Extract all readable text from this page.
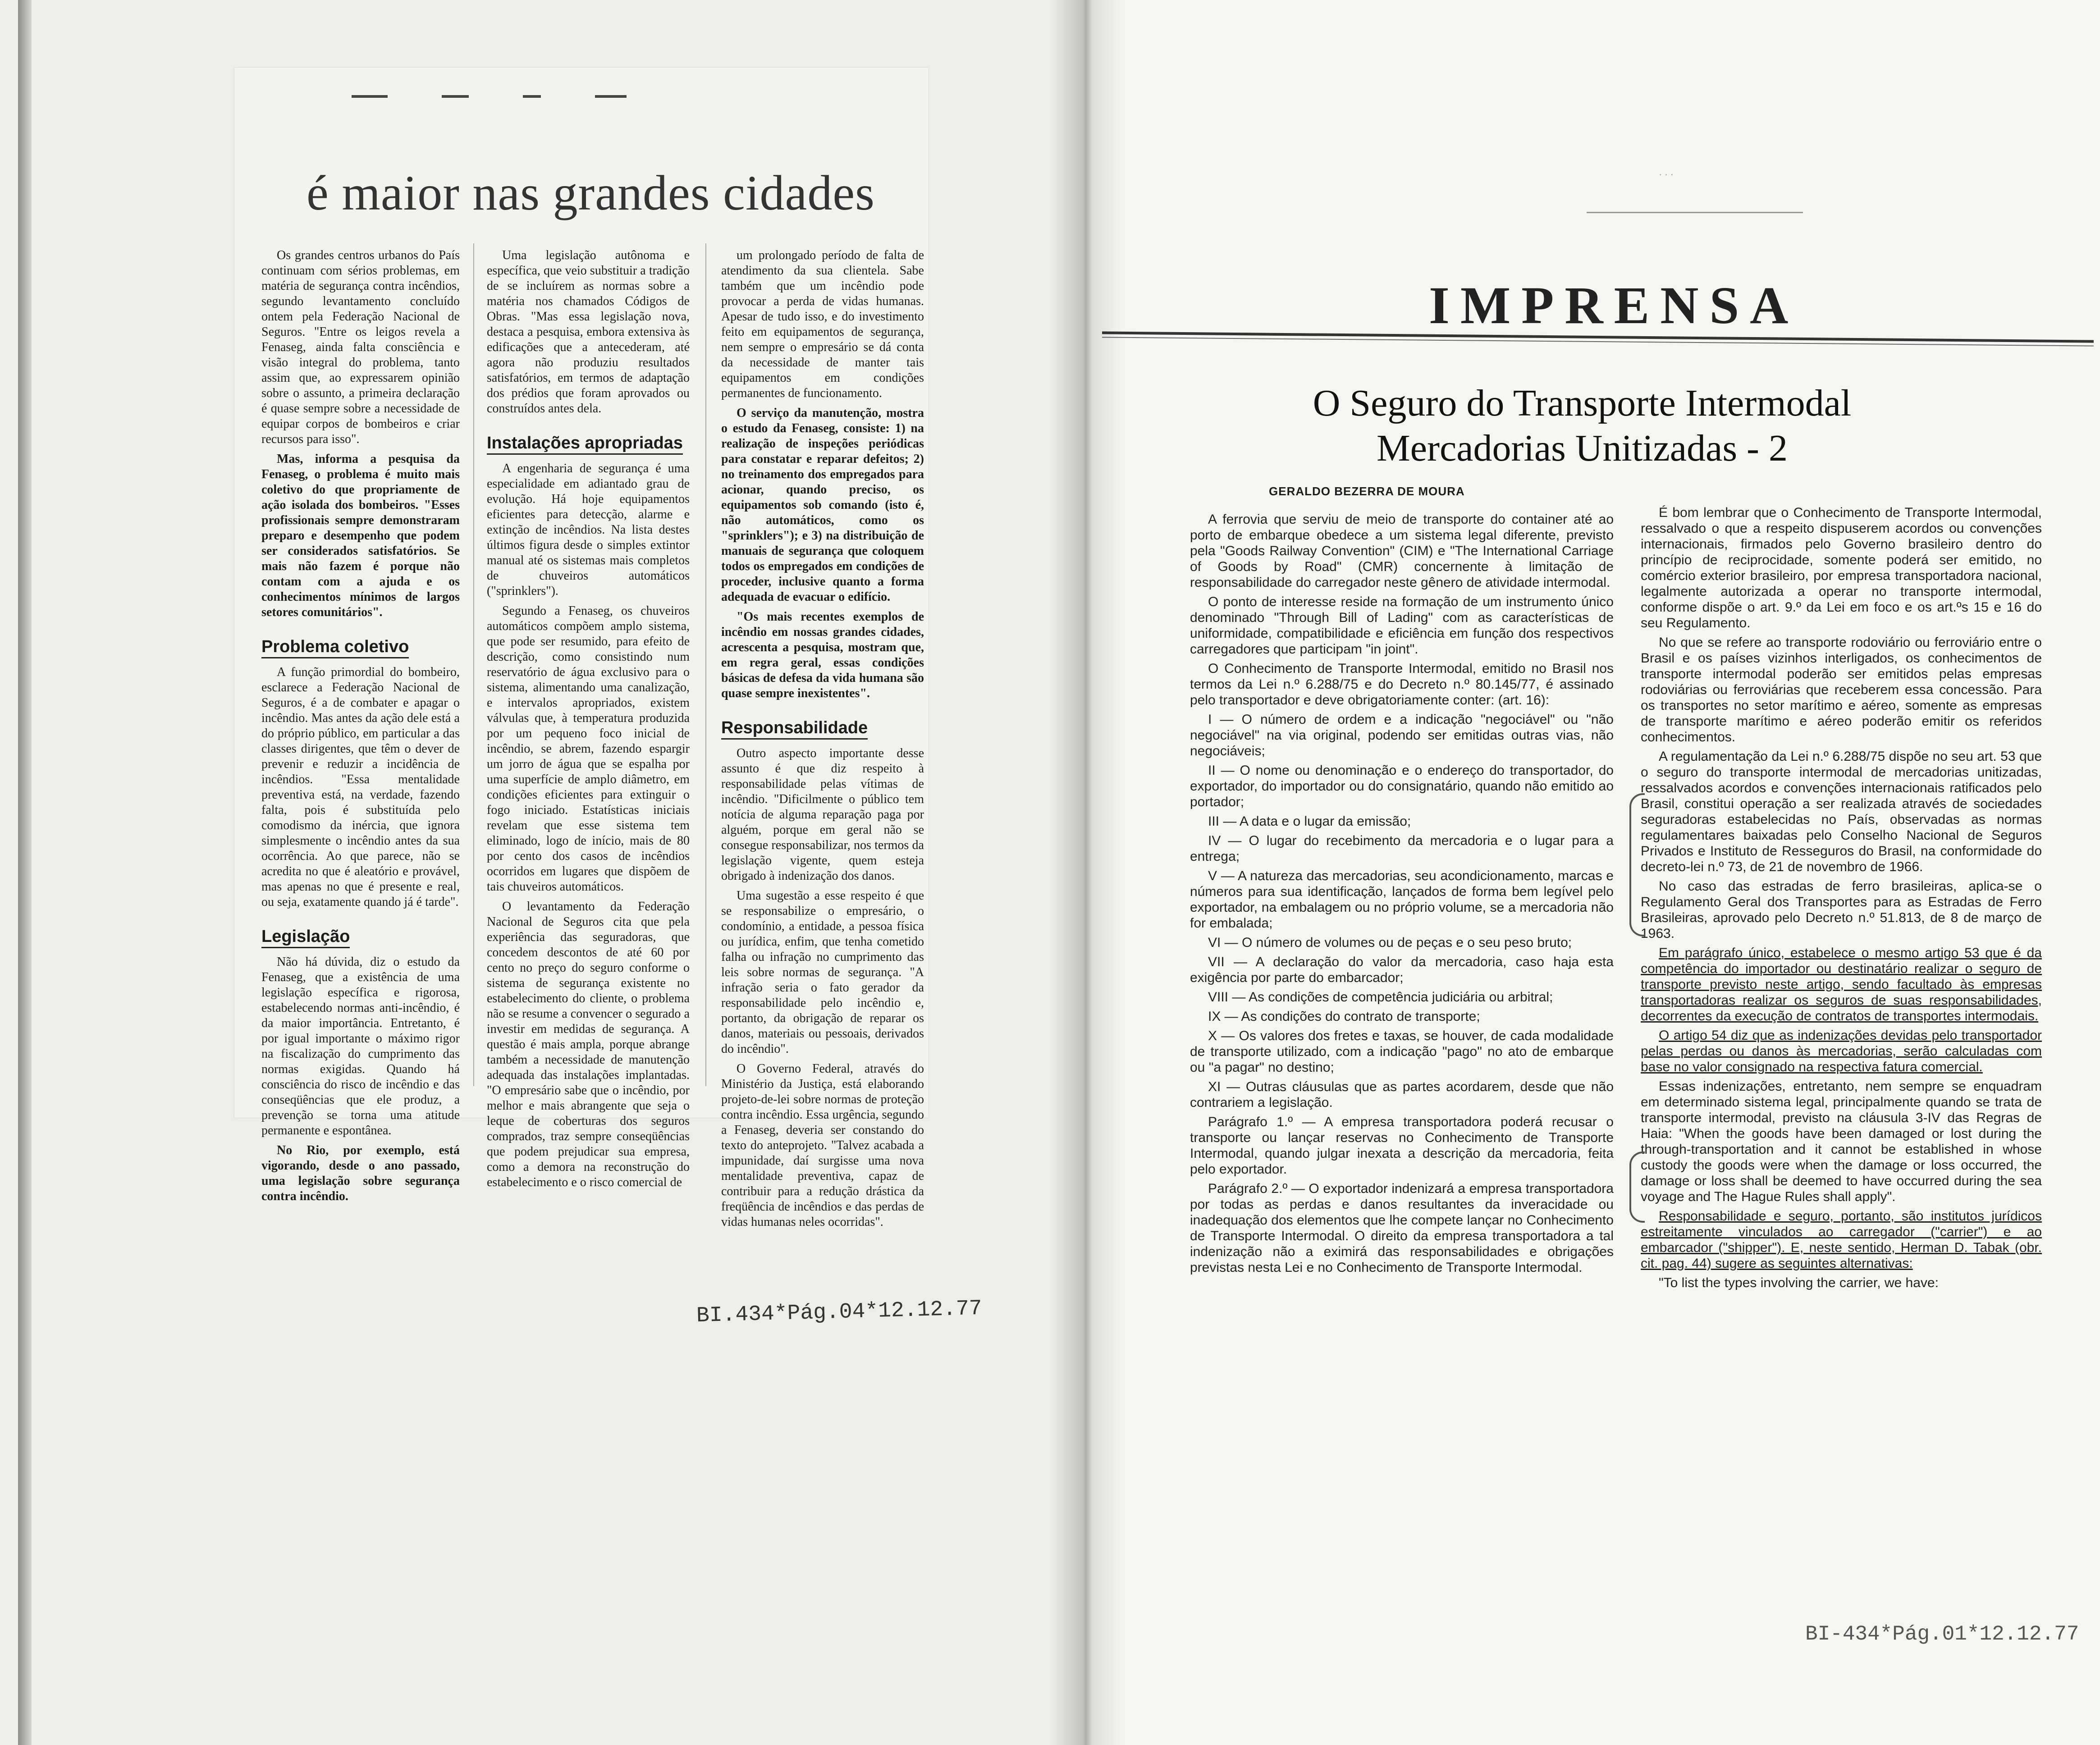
é maior nas grandes cidades

Os grandes centros urbanos do País continuam com sérios problemas, em matéria de segurança contra incêndios, segundo levantamento concluído ontem pela Federação Nacional de Seguros. "Entre os leigos revela a Fenaseg, ainda falta consciência e visão integral do problema, tanto assim que, ao expressarem opinião sobre o assunto, a primeira declaração é quase sempre sobre a necessidade de equipar corpos de bombeiros e criar recursos para isso".

Mas, informa a pesquisa da Fenaseg, o problema é muito mais coletivo do que propriamente de ação isolada dos bombeiros. "Esses profissionais sempre demonstraram preparo e desempenho que podem ser considerados satisfatórios. Se mais não fazem é porque não contam com a ajuda e os conhecimentos mínimos de largos setores comunitários".

Problema coletivo

A função primordial do bombeiro, esclarece a Federação Nacional de Seguros, é a de combater e apagar o incêndio. Mas antes da ação dele está a do próprio público, em particular a das classes dirigentes, que têm o dever de prevenir e reduzir a incidência de incêndios. "Essa mentalidade preventiva está, na verdade, fazendo falta, pois é substituída pelo comodismo da inércia, que ignora simplesmente o incêndio antes da sua ocorrência. Ao que parece, não se acredita no que é aleatório e provável, mas apenas no que é presente e real, ou seja, exatamente quando já é tarde".

Legislação

Não há dúvida, diz o estudo da Fenaseg, que a existência de uma legislação específica e rigorosa, estabelecendo normas anti-incêndio, é da maior importância. Entretanto, é por igual importante o máximo rigor na fiscalização do cumprimento das normas exigidas. Quando há consciência do risco de incêndio e das conseqüências que ele produz, a prevenção se torna uma atitude permanente e espontânea.

No Rio, por exemplo, está vigorando, desde o ano passado, uma legislação sobre segurança contra incêndio.

Uma legislação autônoma e específica, que veio substituir a tradição de se incluírem as normas sobre a matéria nos chamados Códigos de Obras. "Mas essa legislação nova, destaca a pesquisa, embora extensiva às edificações que a antecederam, até agora não produziu resultados satisfatórios, em termos de adaptação dos prédios que foram aprovados ou construídos antes dela.

Instalações apropriadas

A engenharia de segurança é uma especialidade em adiantado grau de evolução. Há hoje equipamentos eficientes para detecção, alarme e extinção de incêndios. Na lista destes últimos figura desde o simples extintor manual até os sistemas mais completos de chuveiros automáticos ("sprinklers").

Segundo a Fenaseg, os chuveiros automáticos compõem amplo sistema, que pode ser resumido, para efeito de descrição, como consistindo num reservatório de água exclusivo para o sistema, alimentando uma canalização, e intervalos apropriados, existem válvulas que, à temperatura produzida por um pequeno foco inicial de incêndio, se abrem, fazendo espargir um jorro de água que se espalha por uma superfície de amplo diâmetro, em condições eficientes para extinguir o fogo iniciado. Estatísticas iniciais revelam que esse sistema tem eliminado, logo de início, mais de 80 por cento dos casos de incêndios ocorridos em lugares que dispõem de tais chuveiros automáticos.

O levantamento da Federação Nacional de Seguros cita que pela experiência das seguradoras, que concedem descontos de até 60 por cento no preço do seguro conforme o sistema de segurança existente no estabelecimento do cliente, o problema não se resume a convencer o segurado a investir em medidas de segurança. A questão é mais ampla, porque abrange também a necessidade de manutenção adequada das instalações implantadas. "O empresário sabe que o incêndio, por melhor e mais abrangente que seja o leque de coberturas dos seguros comprados, traz sempre conseqüências que podem prejudicar sua empresa, como a demora na reconstrução do estabelecimento e o risco comercial de

um prolongado período de falta de atendimento da sua clientela. Sabe também que um incêndio pode provocar a perda de vidas humanas. Apesar de tudo isso, e do investimento feito em equipamentos de segurança, nem sempre o empresário se dá conta da necessidade de manter tais equipamentos em condições permanentes de funcionamento.

O serviço da manutenção, mostra o estudo da Fenaseg, consiste: 1) na realização de inspeções periódicas para constatar e reparar defeitos; 2) no treinamento dos empregados para acionar, quando preciso, os equipamentos sob comando (isto é, não automáticos, como os "sprinklers"); e 3) na distribuição de manuais de segurança que coloquem todos os empregados em condições de proceder, inclusive quanto a forma adequada de evacuar o edifício.

"Os mais recentes exemplos de incêndio em nossas grandes cidades, acrescenta a pesquisa, mostram que, em regra geral, essas condições básicas de defesa da vida humana são quase sempre inexistentes".

Responsabilidade

Outro aspecto importante desse assunto é que diz respeito à responsabilidade pelas vítimas de incêndio. "Dificilmente o público tem notícia de alguma reparação paga por alguém, porque em geral não se consegue responsabilizar, nos termos da legislação vigente, quem esteja obrigado à indenização dos danos.

Uma sugestão a esse respeito é que se responsabilize o empresário, o condomínio, a entidade, a pessoa física ou jurídica, enfim, que tenha cometido falha ou infração no cumprimento das leis sobre normas de segurança. "A infração seria o fato gerador da responsabilidade pelo incêndio e, portanto, da obrigação de reparar os danos, materiais ou pessoais, derivados do incêndio".

O Governo Federal, através do Ministério da Justiça, está elaborando projeto-de-lei sobre normas de proteção contra incêndio. Essa urgência, segundo a Fenaseg, deveria ser constando do texto do anteprojeto. "Talvez acabada a impunidade, daí surgisse uma nova mentalidade preventiva, capaz de contribuir para a redução drástica da freqüência de incêndios e das perdas de vidas humanas neles ocorridas".

BI.434*Pág.04*12.12.77
· · ·
IMPRENSA
O Seguro do Transporte Intermodal
Mercadorias Unitizadas - 2
GERALDO BEZERRA DE MOURA

A ferrovia que serviu de meio de transporte do container até ao porto de embarque obedece a um sistema legal diferente, previsto pela "Goods Railway Convention" (CIM) e "The International Carriage of Goods by Road" (CMR) concernente à limitação de responsabilidade do carregador neste gênero de atividade intermodal.

O ponto de interesse reside na formação de um instrumento único denominado "Through Bill of Lading" com as características de uniformidade, compatibilidade e eficiência em função dos respectivos carregadores que participam "in joint".

O Conhecimento de Transporte Intermodal, emitido no Brasil nos termos da Lei n.º 6.288/75 e do Decreto n.º 80.145/77, é assinado pelo transportador e deve obrigatoriamente conter: (art. 16):

I — O número de ordem e a indicação "negociável" ou "não negociável" na via original, podendo ser emitidas outras vias, não negociáveis;

II — O nome ou denominação e o endereço do transportador, do exportador, do importador ou do consignatário, quando não emitido ao portador;

III — A data e o lugar da emissão;

IV — O lugar do recebimento da mercadoria e o lugar para a entrega;

V — A natureza das mercadorias, seu acondicionamento, marcas e números para sua identificação, lançados de forma bem legível pelo exportador, na embalagem ou no próprio volume, se a mercadoria não for embalada;

VI — O número de volumes ou de peças e o seu peso bruto;

VII — A declaração do valor da mercadoria, caso haja esta exigência por parte do embarcador;

VIII — As condições de competência judiciária ou arbitral;

IX — As condições do contrato de transporte;

X — Os valores dos fretes e taxas, se houver, de cada modalidade de transporte utilizado, com a indicação "pago" no ato de embarque ou "a pagar" no destino;

XI — Outras cláusulas que as partes acordarem, desde que não contrariem a legislação.

Parágrafo 1.º — A empresa transportadora poderá recusar o transporte ou lançar reservas no Conhecimento de Transporte Intermodal, quando julgar inexata a descrição da mercadoria, feita pelo exportador.

Parágrafo 2.º — O exportador indenizará a empresa transportadora por todas as perdas e danos resultantes da inveracidade ou inadequação dos elementos que lhe compete lançar no Conhecimento de Transporte Intermodal. O direito da empresa transportadora a tal indenização não a eximirá das responsabilidades e obrigações previstas nesta Lei e no Conhecimento de Transporte Intermodal.

É bom lembrar que o Conhecimento de Transporte Intermodal, ressalvado o que a respeito dispuserem acordos ou convenções internacionais, firmados pelo Governo brasileiro dentro do princípio de reciprocidade, somente poderá ser emitido, no comércio exterior brasileiro, por empresa transportadora nacional, legalmente autorizada a operar no transporte intermodal, conforme dispõe o art. 9.º da Lei em foco e os art.ºs 15 e 16 do seu Regulamento.

No que se refere ao transporte rodoviário ou ferroviário entre o Brasil e os países vizinhos interligados, os conhecimentos de transporte intermodal poderão ser emitidos pelas empresas rodoviárias ou ferroviárias que receberem essa concessão. Para os transportes no setor marítimo e aéreo, somente as empresas de transporte marítimo e aéreo poderão emitir os referidos conhecimentos.

A regulamentação da Lei n.º 6.288/75 dispõe no seu art. 53 que o seguro do transporte intermodal de mercadorias unitizadas, ressalvados acordos e convenções internacionais ratificados pelo Brasil, constitui operação a ser realizada através de sociedades seguradoras estabelecidas no País, observadas as normas regulamentares baixadas pelo Conselho Nacional de Seguros Privados e Instituto de Resseguros do Brasil, na conformidade do decreto-lei n.º 73, de 21 de novembro de 1966.

No caso das estradas de ferro brasileiras, aplica-se o Regulamento Geral dos Transportes para as Estradas de Ferro Brasileiras, aprovado pelo Decreto n.º 51.813, de 8 de março de 1963.

Em parágrafo único, estabelece o mesmo artigo 53 que é da competência do importador ou destinatário realizar o seguro de transporte previsto neste artigo, sendo facultado às empresas transportadoras realizar os seguros de suas responsabilidades, decorrentes da execução de contratos de transportes intermodais.

O artigo 54 diz que as indenizações devidas pelo transportador pelas perdas ou danos às mercadorias, serão calculadas com base no valor consignado na respectiva fatura comercial.

Essas indenizações, entretanto, nem sempre se enquadram em determinado sistema legal, principalmente quando se trata de transporte intermodal, previsto na cláusula 3-IV das Regras de Haia: "When the goods have been damaged or lost during the through-transportation and it cannot be established in whose custody the goods were when the damage or loss occurred, the damage or loss shall be deemed to have occurred during the sea voyage and The Hague Rules shall apply".

Responsabilidade e seguro, portanto, são institutos jurídicos estreitamente vinculados ao carregador ("carrier") e ao embarcador ("shipper"). E, neste sentido, Herman D. Tabak (obr. cit. pag. 44) sugere as seguintes alternativas:

"To list the types involving the carrier, we have:

BI-434*Pág.01*12.12.77
